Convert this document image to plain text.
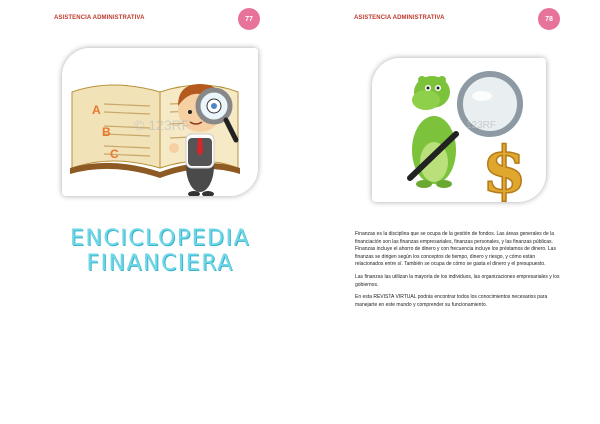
ASISTENCIA ADMINISTRATIVA	77
A
B
C
© 123RF
ENCICLOPEDIA
FINANCIERA
ASISTENCIA ADMINISTRATIVA	78
123RF
$

Finanzas es la disciplina que se ocupa de la gestión de fondos. Las áreas generales de la financiación son las finanzas empresariales, finanzas personales, y las finanzas públicas. Finanzas incluye el ahorro de dinero y con frecuencia incluye los préstamos de dinero. Las finanzas se dirigen según los conceptos de tiempo, dinero y riesgo, y cómo están relacionados entre sí. También se ocupa de cómo se gasta el dinero y el presupuesto.

Las finanzas las utilizan la mayoría de los individuos, las organizaciones empresariales y los gobiernos.

En esta REVISTA VIRTUAL podrás encontrar todos los conocimientos necesarios para manejarte en este mundo y comprender su funcionamiento.
